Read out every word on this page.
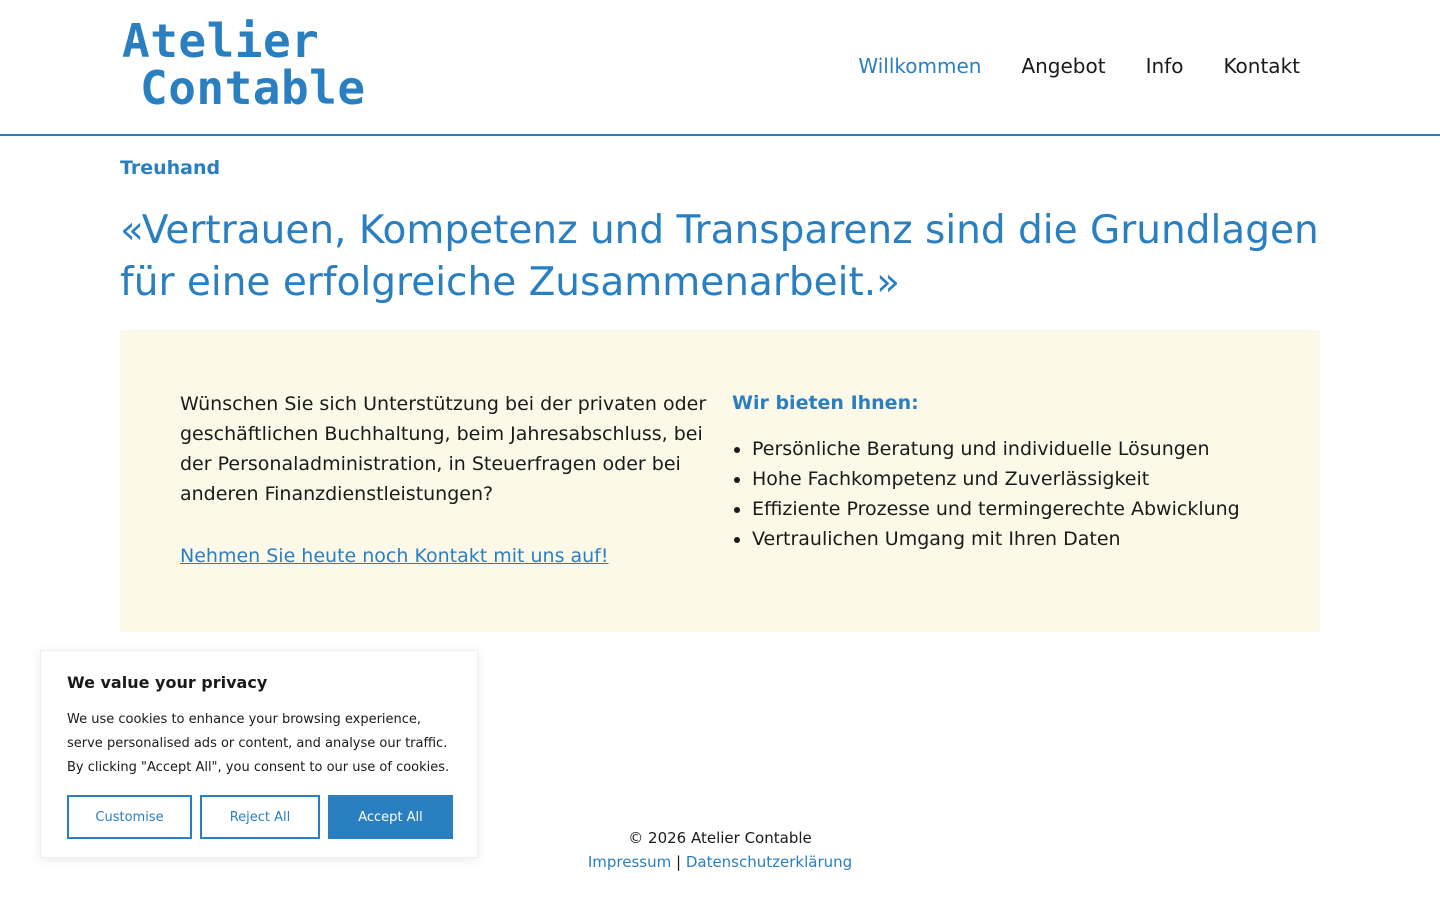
Atelier
Contable	Willkommen Angebot Info Kontakt
Treuhand
«Vertrauen, Kompetenz und Transparenz sind die Grundlagen für eine erfolgreiche Zusammenarbeit.»

Wünschen Sie sich Unterstützung bei der privaten oder geschäftlichen Buchhaltung, beim Jahresabschluss, bei der Personaladministration, in Steuerfragen oder bei anderen Finanzdienstleistungen?

Nehmen Sie heute noch Kontakt mit uns auf!
Wir bieten Ihnen:
• Persönliche Beratung und individuelle Lösungen
• Hohe Fachkompetenz und Zuverlässigkeit
• Effiziente Prozesse und termingerechte Abwicklung
• Vertraulichen Umgang mit Ihren Daten
We value your privacy

We use cookies to enhance your browsing experience, serve personalised ads or content, and analyse our traffic. By clicking "Accept All", you consent to our use of cookies.

Customise	Reject All	Accept All
© 2026 Atelier Contable
Impressum | Datenschutzerklärung
